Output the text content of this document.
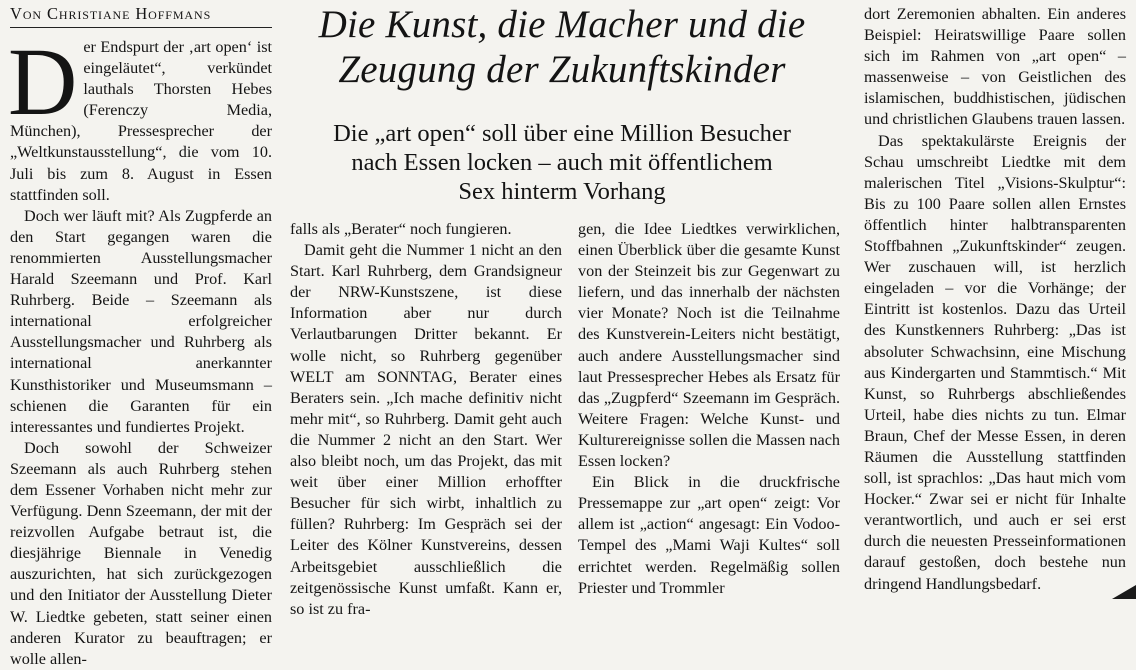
Von Christiane Hoffmans
D er Endspurt der ‚art open‘ ist eingeläutet“, verkündet lauthals Thorsten Hebes (Ferenczy Media, München), Pressesprecher der „Weltkunstausstellung“, die vom 10. Juli bis zum 8. August in Essen stattfinden soll.

Doch wer läuft mit? Als Zugpferde an den Start gegangen waren die renommierten Ausstellungsmacher Harald Szeemann und Prof. Karl Ruhrberg. Beide – Szeemann als international erfolgreicher Ausstellungsmacher und Ruhrberg als international anerkannter Kunsthistoriker und Museumsmann – schienen die Garanten für ein interessantes und fundiertes Projekt.

Doch sowohl der Schweizer Szeemann als auch Ruhrberg stehen dem Essener Vorhaben nicht mehr zur Verfügung. Denn Szeemann, der mit der reizvollen Aufgabe betraut ist, die diesjährige Biennale in Venedig auszurichten, hat sich zurückgezogen und den Initiator der Ausstellung Dieter W. Liedtke gebeten, statt seiner einen anderen Kurator zu beauftragen; er wolle allen-

Die Kunst, die Macher und die
Zeugung der Zukunftskinder
Die „art open“ soll über eine Million Besucher
nach Essen locken – auch mit öffentlichem
Sex hinterm Vorhang

falls als „Berater“ noch fungieren.

Damit geht die Nummer 1 nicht an den Start. Karl Ruhrberg, dem Grandsigneur der NRW-Kunstszene, ist diese Information aber nur durch Verlautbarungen Dritter bekannt. Er wolle nicht, so Ruhrberg gegenüber WELT am SONNTAG, Berater eines Beraters sein. „Ich mache definitiv nicht mehr mit“, so Ruhrberg. Damit geht auch die Nummer 2 nicht an den Start. Wer also bleibt noch, um das Projekt, das mit weit über einer Million erhoffter Besucher für sich wirbt, inhaltlich zu füllen? Ruhrberg: Im Gespräch sei der Leiter des Kölner Kunstvereins, dessen Arbeitsgebiet ausschließlich die zeitgenössische Kunst umfaßt. Kann er, so ist zu fra-

gen, die Idee Liedtkes verwirklichen, einen Überblick über die gesamte Kunst von der Steinzeit bis zur Gegenwart zu liefern, und das innerhalb der nächsten vier Monate? Noch ist die Teilnahme des Kunstverein-Leiters nicht bestätigt, auch andere Ausstellungsmacher sind laut Pressesprecher Hebes als Ersatz für das „Zugpferd“ Szeemann im Gespräch. Weitere Fragen: Welche Kunst- und Kulturereignisse sollen die Massen nach Essen locken?

Ein Blick in die druckfrische Pressemappe zur „art open“ zeigt: Vor allem ist „action“ angesagt: Ein Vodoo-Tempel des „Mami Waji Kultes“ soll errichtet werden. Regelmäßig sollen Priester und Trommler

dort Zeremonien abhalten. Ein anderes Beispiel: Heiratswillige Paare sollen sich im Rahmen von „art open“ – massenweise – von Geistlichen des islamischen, buddhistischen, jüdischen und christlichen Glaubens trauen lassen.

Das spektakulärste Ereignis der Schau umschreibt Liedtke mit dem malerischen Titel „Visions-Skulptur“: Bis zu 100 Paare sollen allen Ernstes öffentlich hinter halbtransparenten Stoffbahnen „Zukunftskinder“ zeugen. Wer zuschauen will, ist herzlich eingeladen – vor die Vorhänge; der Eintritt ist kostenlos. Dazu das Urteil des Kunstkenners Ruhrberg: „Das ist absoluter Schwachsinn, eine Mischung aus Kindergarten und Stammtisch.“ Mit Kunst, so Ruhrbergs abschließendes Urteil, habe dies nichts zu tun. Elmar Braun, Chef der Messe Essen, in deren Räumen die Ausstellung stattfinden soll, ist sprachlos: „Das haut mich vom Hocker.“ Zwar sei er nicht für Inhalte verantwortlich, und auch er sei erst durch die neuesten Presseinformationen darauf gestoßen, doch bestehe nun dringend Handlungsbedarf.
